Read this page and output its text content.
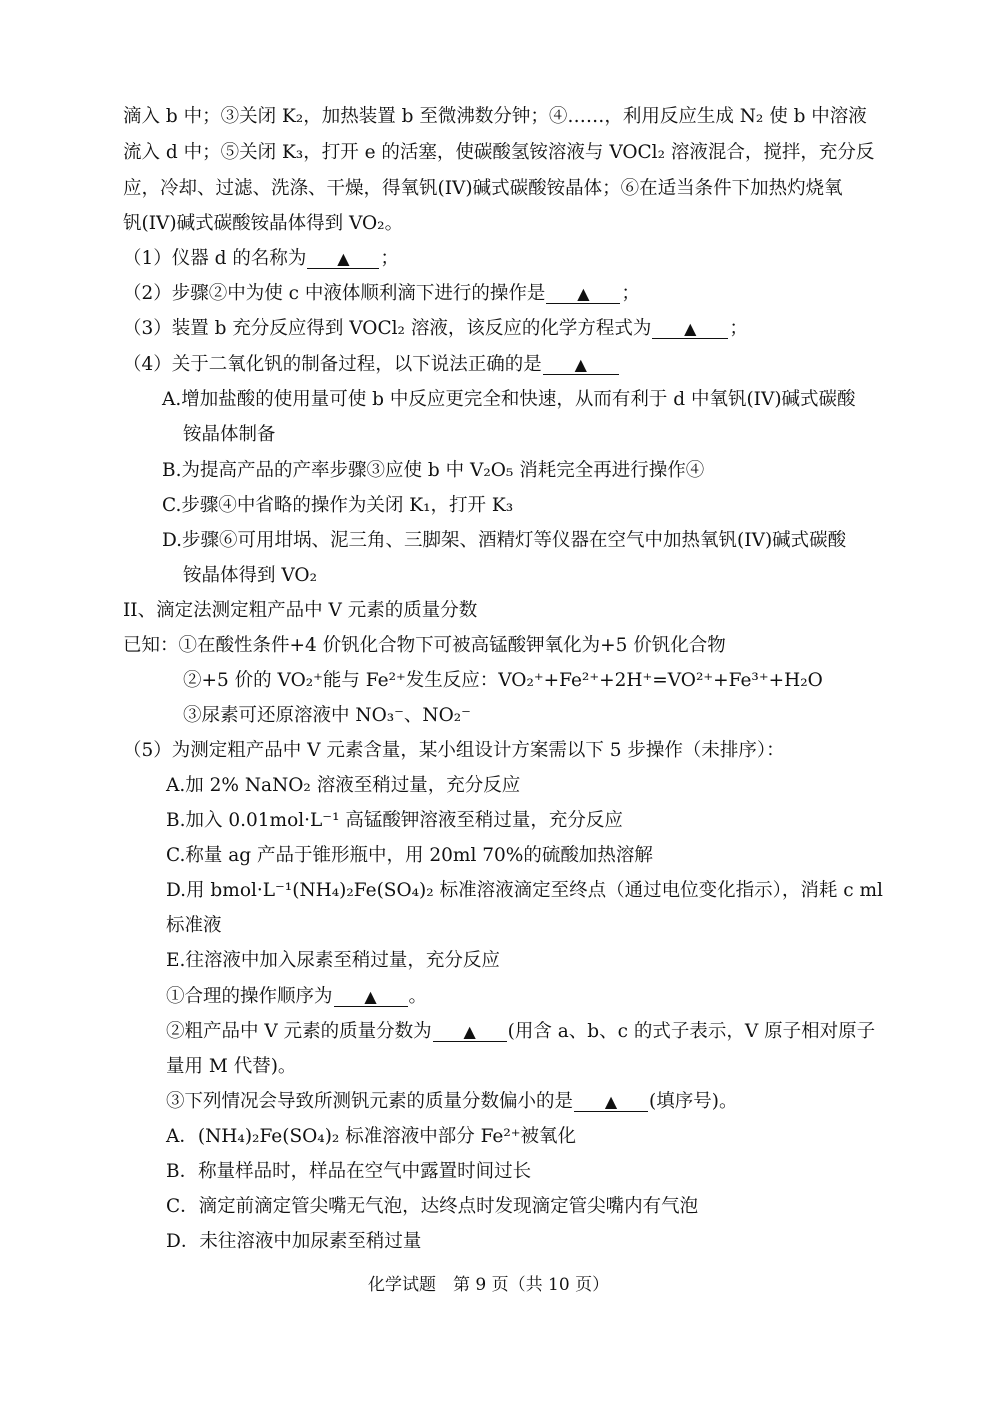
滴入 b 中；③关闭 K₂，加热装置 b 至微沸数分钟；④……，利用反应生成 N₂ 使 b 中溶液
流入 d 中；⑤关闭 K₃，打开 e 的活塞，使碳酸氢铵溶液与 VOCl₂ 溶液混合，搅拌，充分反
应，冷却、过滤、洗涤、干燥，得氧钒(IV)碱式碳酸铵晶体；⑥在适当条件下加热灼烧氧
钒(IV)碱式碳酸铵晶体得到 VO₂。
（1）仪器 d 的名称为 ▲ ；
（2）步骤②中为使 c 中液体顺利滴下进行的操作是 ▲ ；
（3）装置 b 充分反应得到 VOCl₂ 溶液，该反应的化学方程式为 ▲ ；
（4）关于二氧化钒的制备过程，以下说法正确的是 ▲
A.增加盐酸的使用量可使 b 中反应更完全和快速，从而有利于 d 中氧钒(IV)碱式碳酸
铵晶体制备
B.为提高产品的产率步骤③应使 b 中 V₂O₅ 消耗完全再进行操作④
C.步骤④中省略的操作为关闭 K₁，打开 K₃
D.步骤⑥可用坩埚、泥三角、三脚架、酒精灯等仪器在空气中加热氧钒(IV)碱式碳酸
铵晶体得到 VO₂
II、滴定法测定粗产品中 V 元素的质量分数
已知：①在酸性条件+4 价钒化合物下可被高锰酸钾氧化为+5 价钒化合物
②+5 价的 VO₂⁺能与 Fe²⁺发生反应：VO₂⁺+Fe²⁺+2H⁺=VO²⁺+Fe³⁺+H₂O
③尿素可还原溶液中 NO₃⁻、NO₂⁻
（5）为测定粗产品中 V 元素含量，某小组设计方案需以下 5 步操作（未排序）：
A.加 2% NaNO₂ 溶液至稍过量，充分反应
B.加入 0.01mol·L⁻¹ 高锰酸钾溶液至稍过量，充分反应
C.称量 ag 产品于锥形瓶中，用 20ml 70%的硫酸加热溶解
D.用 bmol·L⁻¹(NH₄)₂Fe(SO₄)₂ 标准溶液滴定至终点（通过电位变化指示），消耗 c ml
标准液
E.往溶液中加入尿素至稍过量，充分反应
①合理的操作顺序为 ▲ 。
②粗产品中 V 元素的质量分数为 ▲ (用含 a、b、c 的式子表示，V 原子相对原子
量用 M 代替)。
③下列情况会导致所测钒元素的质量分数偏小的是 ▲ (填序号)。
A．(NH₄)₂Fe(SO₄)₂ 标准溶液中部分 Fe²⁺被氧化
B．称量样品时，样品在空气中露置时间过长
C．滴定前滴定管尖嘴无气泡，达终点时发现滴定管尖嘴内有气泡
D．未往溶液中加尿素至稍过量
化学试题　第 9 页（共 10 页）
